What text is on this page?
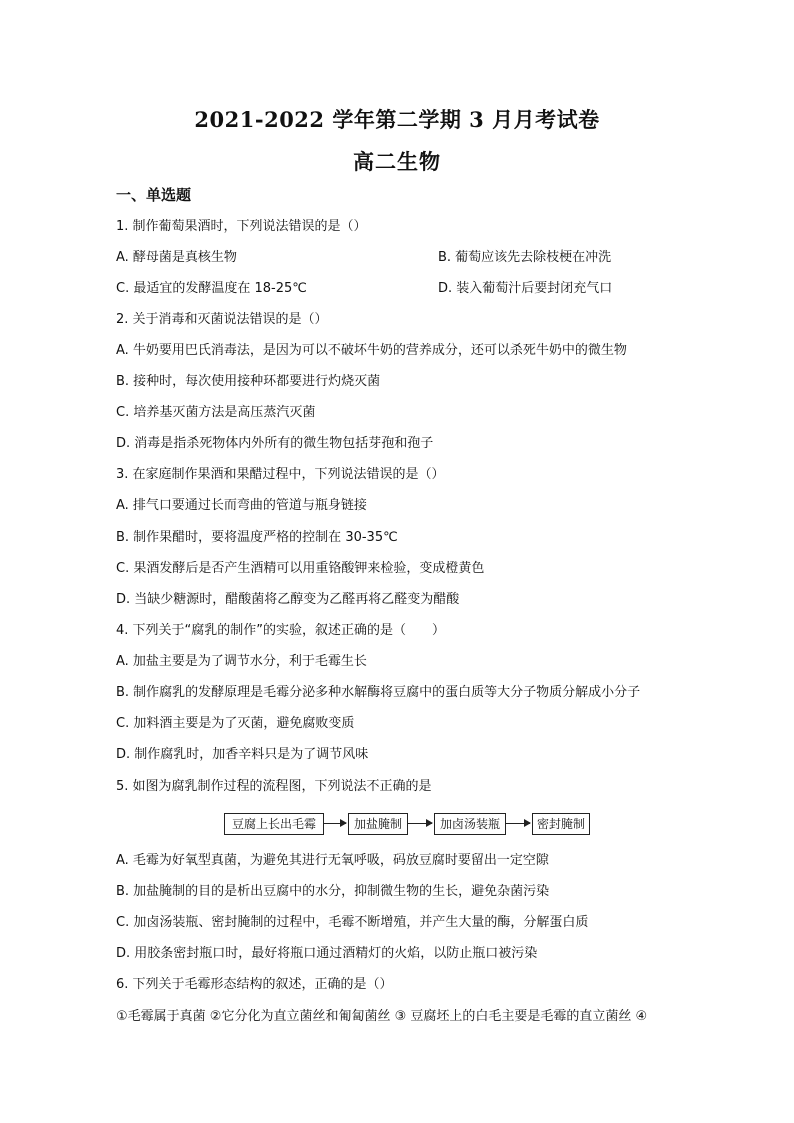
2021-2022 学年第二学期 3 月月考试卷
高二生物
一、单选题
1. 制作葡萄果酒时，下列说法错误的是（）
A. 酵母菌是真核生物	B. 葡萄应该先去除枝梗在冲洗
C. 最适宜的发酵温度在 18-25℃	D. 装入葡萄汁后要封闭充气口
2. 关于消毒和灭菌说法错误的是（）
A. 牛奶要用巴氏消毒法，是因为可以不破坏牛奶的营养成分，还可以杀死牛奶中的微生物
B. 接种时，每次使用接种环都要进行灼烧灭菌
C. 培养基灭菌方法是高压蒸汽灭菌
D. 消毒是指杀死物体内外所有的微生物包括芽孢和孢子
3. 在家庭制作果酒和果醋过程中，下列说法错误的是（）
A. 排气口要通过长而弯曲的管道与瓶身链接
B. 制作果醋时，要将温度严格的控制在 30-35℃
C. 果酒发酵后是否产生酒精可以用重铬酸钾来检验，变成橙黄色
D. 当缺少糖源时，醋酸菌将乙醇变为乙醛再将乙醛变为醋酸
4. 下列关于“腐乳的制作”的实验，叙述正确的是（　　）
A. 加盐主要是为了调节水分，利于毛霉生长
B. 制作腐乳的发酵原理是毛霉分泌多种水解酶将豆腐中的蛋白质等大分子物质分解成小分子
C. 加料酒主要是为了灭菌，避免腐败变质
D. 制作腐乳时，加香辛料只是为了调节风味
5. 如图为腐乳制作过程的流程图，下列说法不正确的是
豆腐上长出毛霉	加盐腌制	加卤汤装瓶	密封腌制
A. 毛霉为好氧型真菌，为避免其进行无氧呼吸，码放豆腐时要留出一定空隙
B. 加盐腌制的目的是析出豆腐中的水分，抑制微生物的生长，避免杂菌污染
C. 加卤汤装瓶、密封腌制的过程中，毛霉不断增殖，并产生大量的酶，分解蛋白质
D. 用胶条密封瓶口时，最好将瓶口通过酒精灯的火焰，以防止瓶口被污染
6. 下列关于毛霉形态结构的叙述，正确的是（）
①毛霉属于真菌 ②它分化为直立菌丝和匍匐菌丝 ③ 豆腐坯上的白毛主要是毛霉的直立菌丝 ④
